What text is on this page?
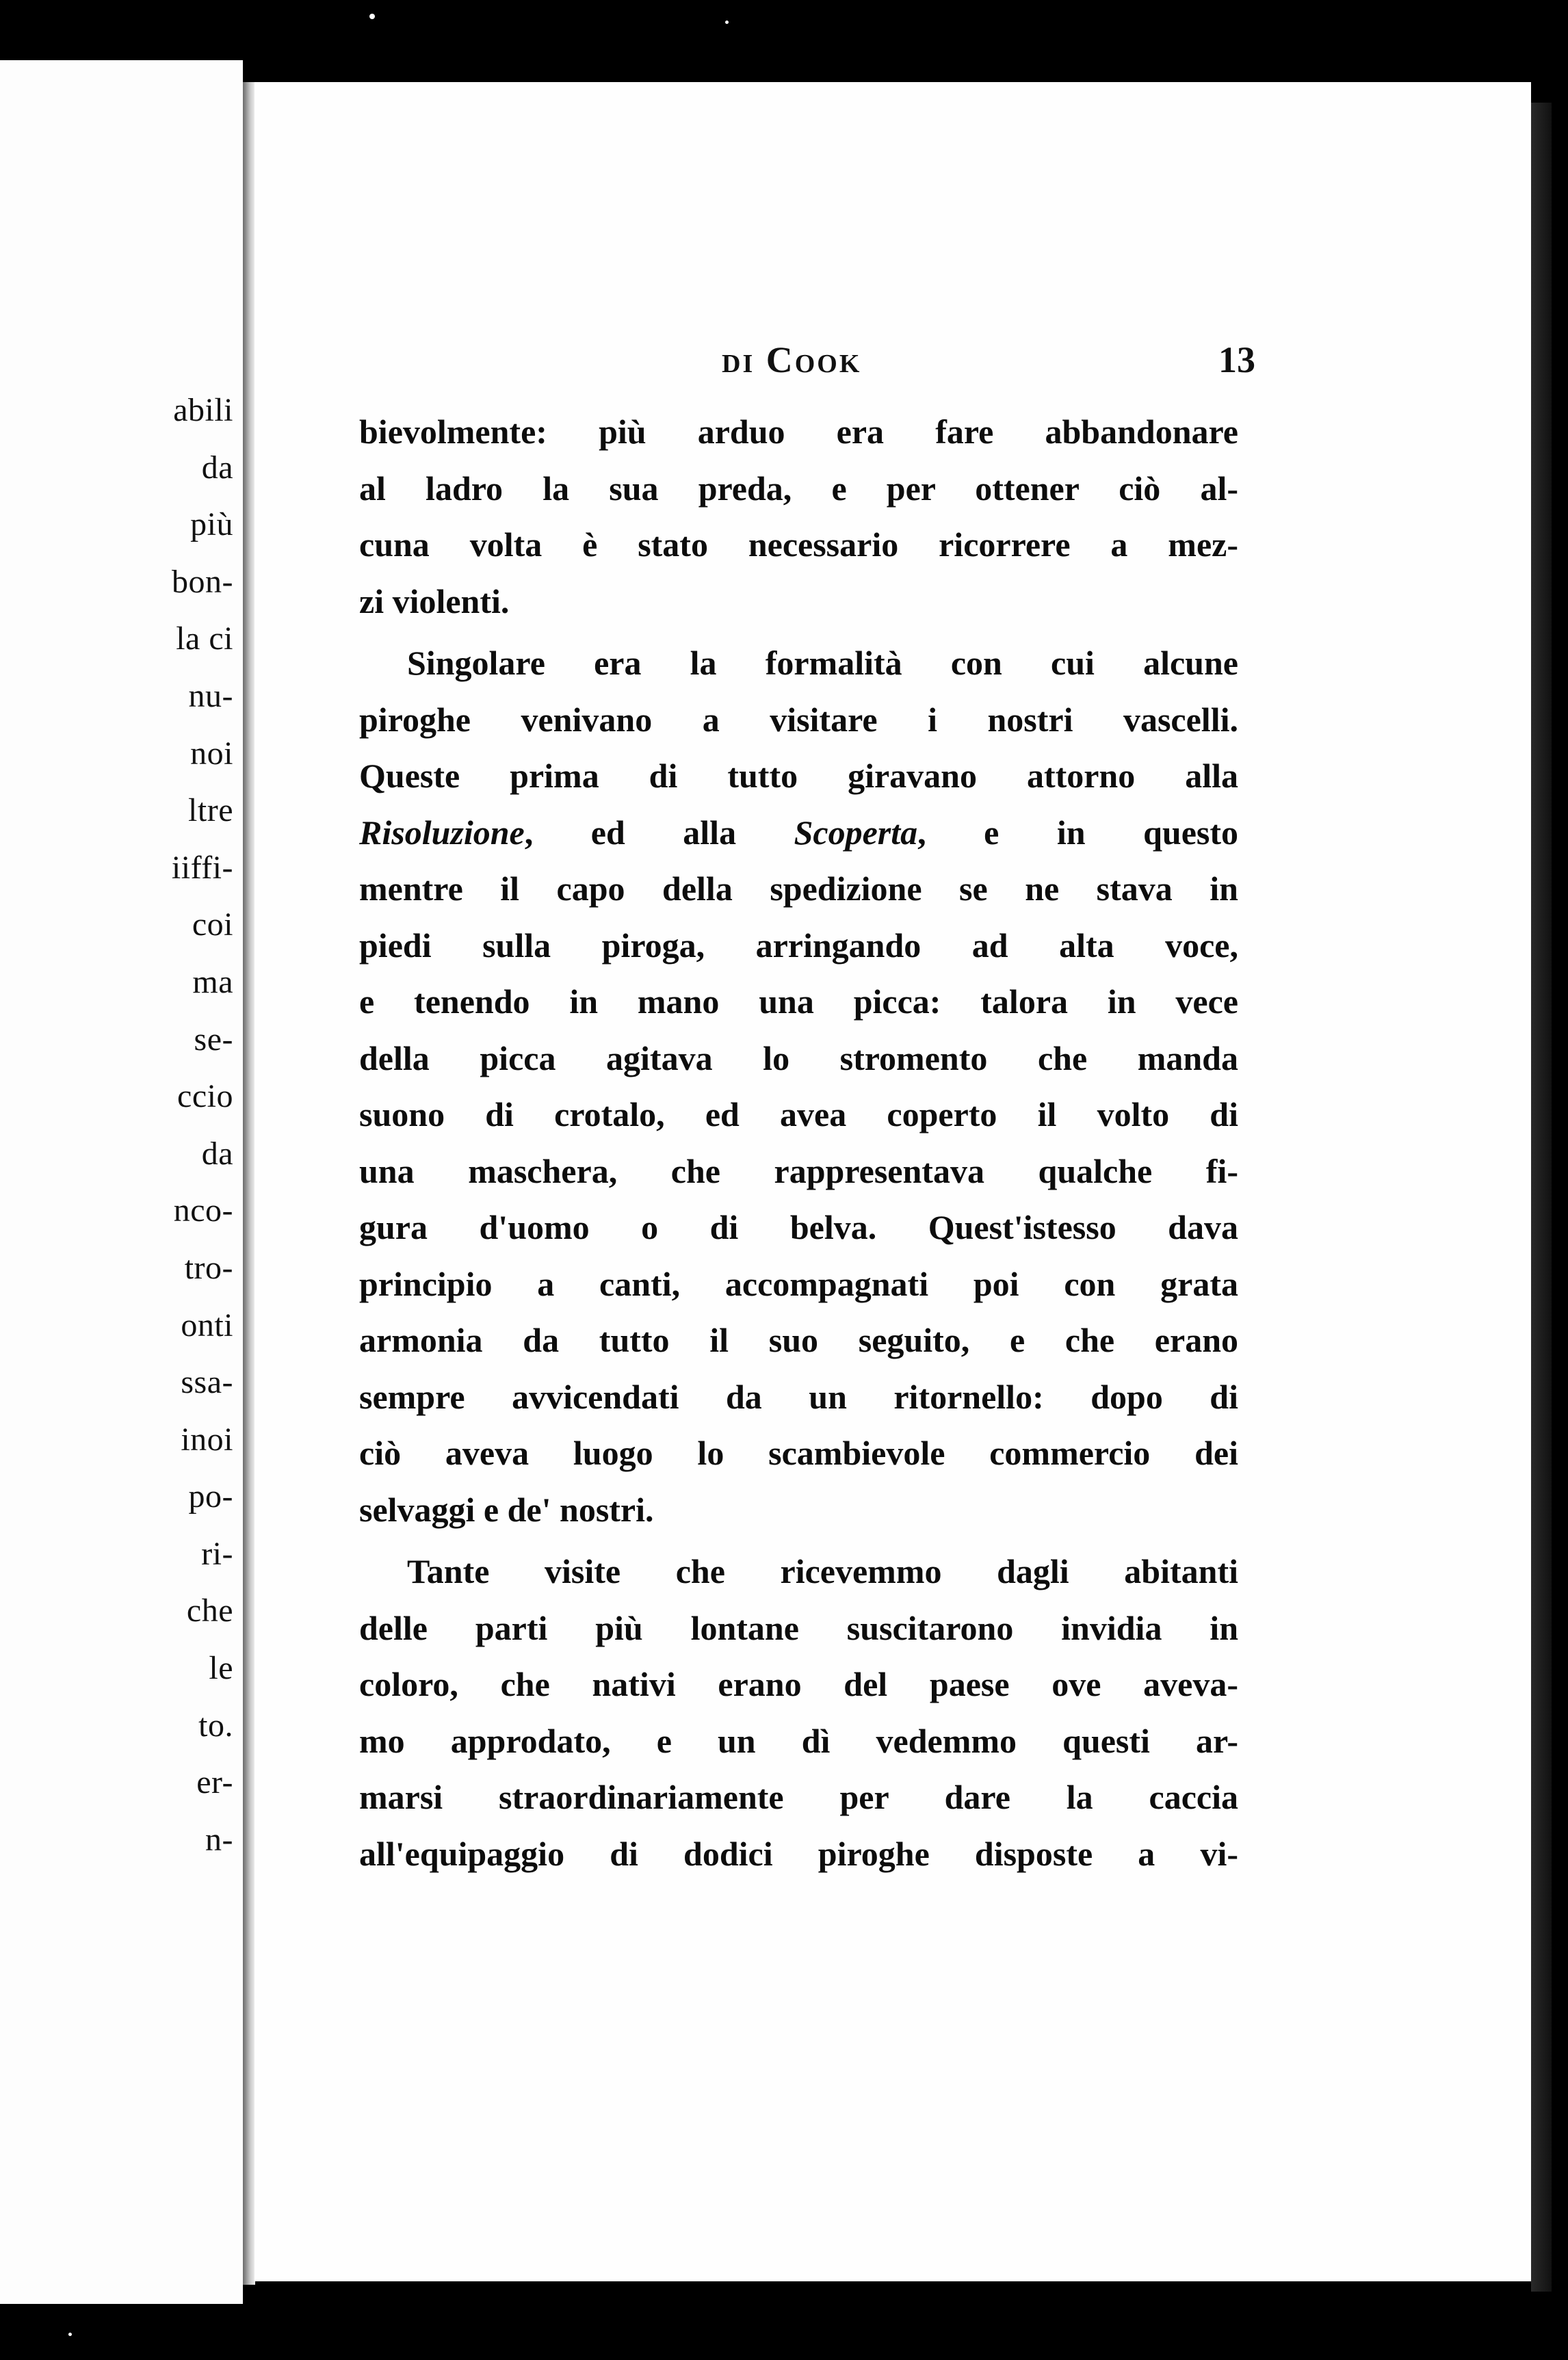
abili
da
più
bon-
la ci
nu-
noi
ltre
iiffi-
coi
ma
se-
ccio
da
nco-
tro-
onti
ssa-
inoi
po-
ri-
che
le
to.
er-
n-
di Cook	13
bievolmente: più arduo era fare abbandonare
al ladro la sua preda, e per ottener ciò al-
cuna volta è stato necessario ricorrere a mez-
zi violenti.
Singolare era la formalità con cui alcune
piroghe venivano a visitare i nostri vascelli.
Queste prima di tutto giravano attorno alla
Risoluzione, ed alla Scoperta, e in questo
mentre il capo della spedizione se ne stava in
piedi sulla piroga, arringando ad alta voce,
e tenendo in mano una picca: talora in vece
della picca agitava lo stromento che manda
suono di crotalo, ed avea coperto il volto di
una maschera, che rappresentava qualche fi-
gura d'uomo o di belva. Quest'istesso dava
principio a canti, accompagnati poi con grata
armonia da tutto il suo seguito, e che erano
sempre avvicendati da un ritornello: dopo di
ciò aveva luogo lo scambievole commercio dei
selvaggi e de' nostri.
Tante visite che ricevemmo dagli abitanti
delle parti più lontane suscitarono invidia in
coloro, che nativi erano del paese ove aveva-
mo approdato, e un dì vedemmo questi ar-
marsi straordinariamente per dare la caccia
all'equipaggio di dodici piroghe disposte a vi-
